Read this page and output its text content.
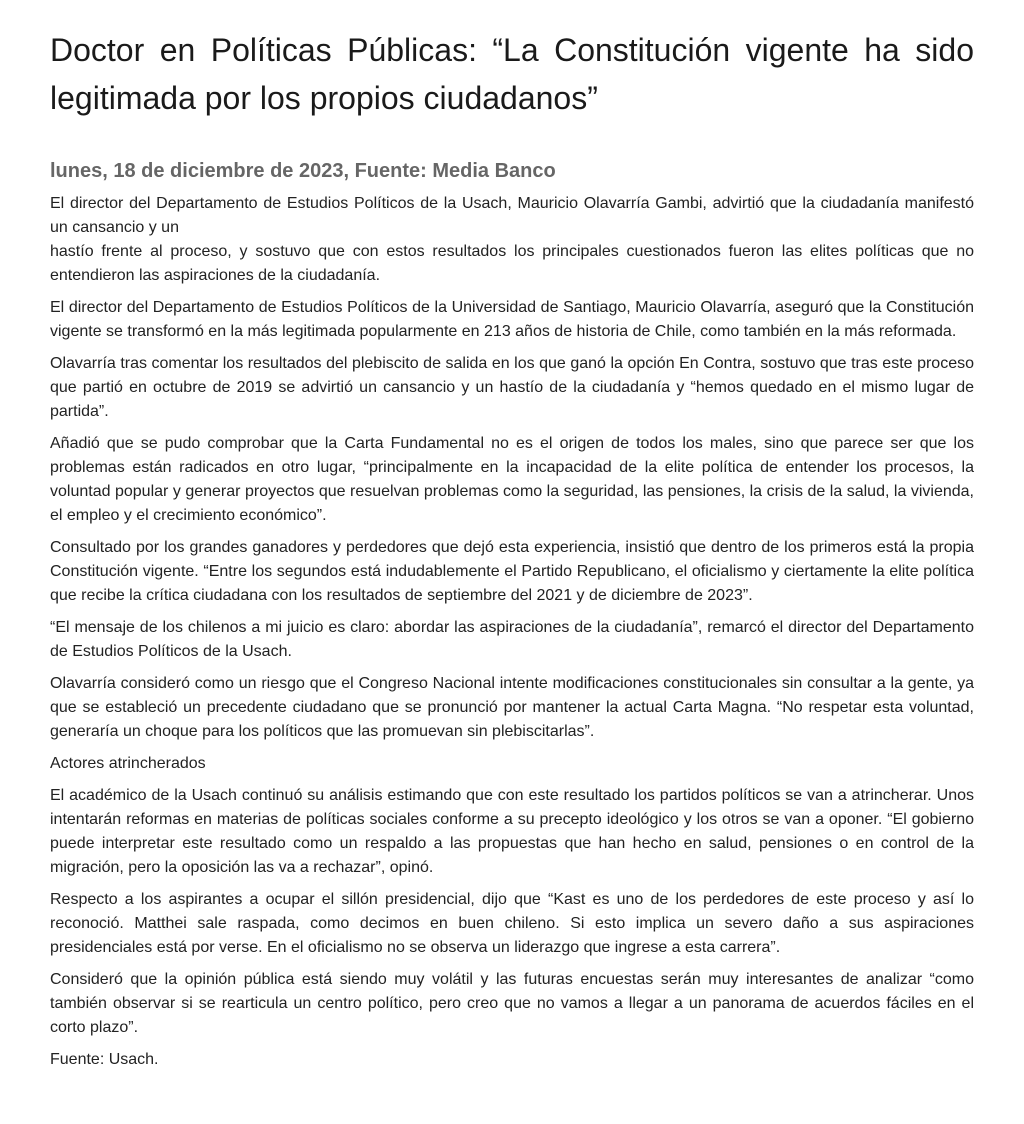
Doctor en Políticas Públicas: “La Constitución vigente ha sido legitimada por los propios ciudadanos”
lunes, 18 de diciembre de 2023, Fuente: Media Banco

El director del Departamento de Estudios Políticos de la Usach, Mauricio Olavarría Gambi, advirtió que la ciudadanía manifestó un cansancio y un
hastío frente al proceso, y sostuvo que con estos resultados los principales cuestionados fueron las elites políticas que no entendieron las aspiraciones de la ciudadanía.

El director del Departamento de Estudios Políticos de la Universidad de Santiago, Mauricio Olavarría, aseguró que la Constitución vigente se transformó en la más legitimada popularmente en 213 años de historia de Chile, como también en la más reformada.

Olavarría tras comentar los resultados del plebiscito de salida en los que ganó la opción En Contra, sostuvo que tras este proceso que partió en octubre de 2019 se advirtió un cansancio y un hastío de la ciudadanía y “hemos quedado en el mismo lugar de partida”.

Añadió que se pudo comprobar que la Carta Fundamental no es el origen de todos los males, sino que parece ser que los problemas están radicados en otro lugar, “principalmente en la incapacidad de la elite política de entender los procesos, la voluntad popular y generar proyectos que resuelvan problemas como la seguridad, las pensiones, la crisis de la salud, la vivienda, el empleo y el crecimiento económico”.

Consultado por los grandes ganadores y perdedores que dejó esta experiencia, insistió que dentro de los primeros está la propia Constitución vigente. “Entre los segundos está indudablemente el Partido Republicano, el oficialismo y ciertamente la elite política que recibe la crítica ciudadana con los resultados de septiembre del 2021 y de diciembre de 2023”.

“El mensaje de los chilenos a mi juicio es claro: abordar las aspiraciones de la ciudadanía”, remarcó el director del Departamento de Estudios Políticos de la Usach.

Olavarría consideró como un riesgo que el Congreso Nacional intente modificaciones constitucionales sin consultar a la gente, ya que se estableció un precedente ciudadano que se pronunció por mantener la actual Carta Magna. “No respetar esta voluntad, generaría un choque para los políticos que las promuevan sin plebiscitarlas”.

Actores atrincherados

El académico de la Usach continuó su análisis estimando que con este resultado los partidos políticos se van a atrincherar. Unos intentarán reformas en materias de políticas sociales conforme a su precepto ideológico y los otros se van a oponer. “El gobierno puede interpretar este resultado como un respaldo a las propuestas que han hecho en salud, pensiones o en control de la migración, pero la oposición las va a rechazar”, opinó.

Respecto a los aspirantes a ocupar el sillón presidencial, dijo que “Kast es uno de los perdedores de este proceso y así lo reconoció. Matthei sale raspada, como decimos en buen chileno. Si esto implica un severo daño a sus aspiraciones presidenciales está por verse. En el oficialismo no se observa un liderazgo que ingrese a esta carrera”.

Consideró que la opinión pública está siendo muy volátil y las futuras encuestas serán muy interesantes de analizar “como también observar si se rearticula un centro político, pero creo que no vamos a llegar a un panorama de acuerdos fáciles en el corto plazo”.

Fuente: Usach.
